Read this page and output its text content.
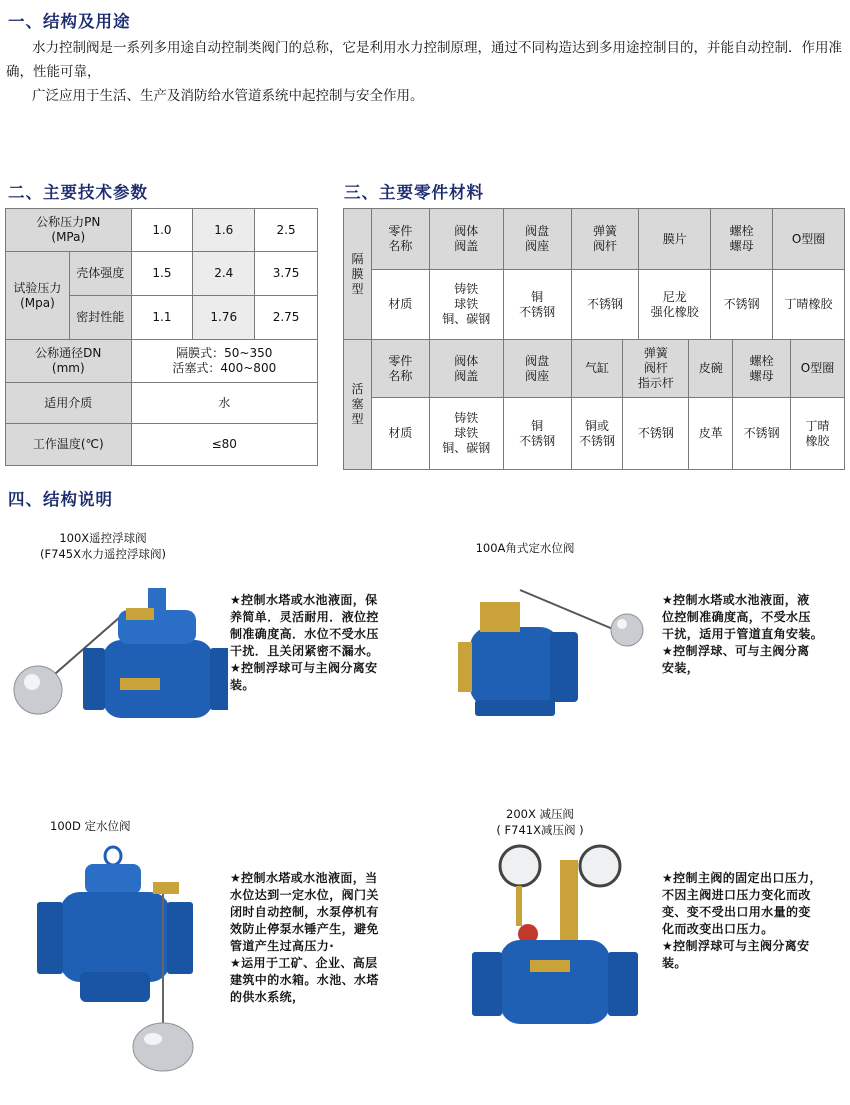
一、结构及用途
水力控制阀是一系列多用途自动控制类阀门的总称，它是利用水力控制原理，通过不同构造达到多用途控制目的，并能自动控制．作用准确，性能可靠，
广泛应用于生活、生产及消防给水管道系统中起控制与安全作用。
二、主要技术参数
公称压力PN
(MPa)		1.0	1.6	2.5
试验压力
(Mpa)	壳体强度	1.5	2.4	3.75
	密封性能	1.1	1.76	2.75
公称通径DN
(mm)		隔膜式：50~350
活塞式：400~800		
适用介质		水		
工作温度(℃)		≤80		
三、主要零件材料
隔
膜
型	零件
名称	阀体
阀盖	阀盘
阀座	弹簧
阀杆	膜片	螺栓
螺母	O型圈
	材质	铸铁
球铁
铜、碳钢	铜
不锈钢	不锈钢	尼龙
强化橡胶	不锈钢	丁晴橡胶
活
塞
型	零件
名称	阀体
阀盖	阀盘
阀座	气缸	弹簧
阀杆
指示杆	皮碗	螺栓
螺母	O型圈
	材质	铸铁
球铁
铜、碳钢	铜
不锈钢	铜或
不锈钢	不锈钢	皮革	不锈钢	丁晴
橡胶
四、结构说明
100X遥控浮球阀
(F745X水力遥控浮球阀)
★控制水塔或水池液面，保
养简单．灵活耐用．液位控
制准确度高．水位不受水压
干扰．且关闭紧密不漏水。
★控制浮球可与主阀分离安
装。
100A角式定水位阀
★控制水塔或水池液面，液
位控制准确度高，不受水压
干扰，适用于管道直角安装。
★控制浮球、可与主阀分离
安装，
100D 定水位阀
★控制水塔或水池液面，当
水位达到一定水位，阀门关
闭时自动控制，水泵停机有
效防止停泵水锤产生，避免
管道产生过高压力·
★运用于工矿、企业、高层
建筑中的水箱。水池、水塔
的供水系统，
200X 减压阀
( F741X减压阀 )
★控制主阀的固定出口压力，
不因主阀进口压力变化而改
变、变不受出口用水量的变
化而改变出口压力。
★控制浮球可与主阀分离安
装。
